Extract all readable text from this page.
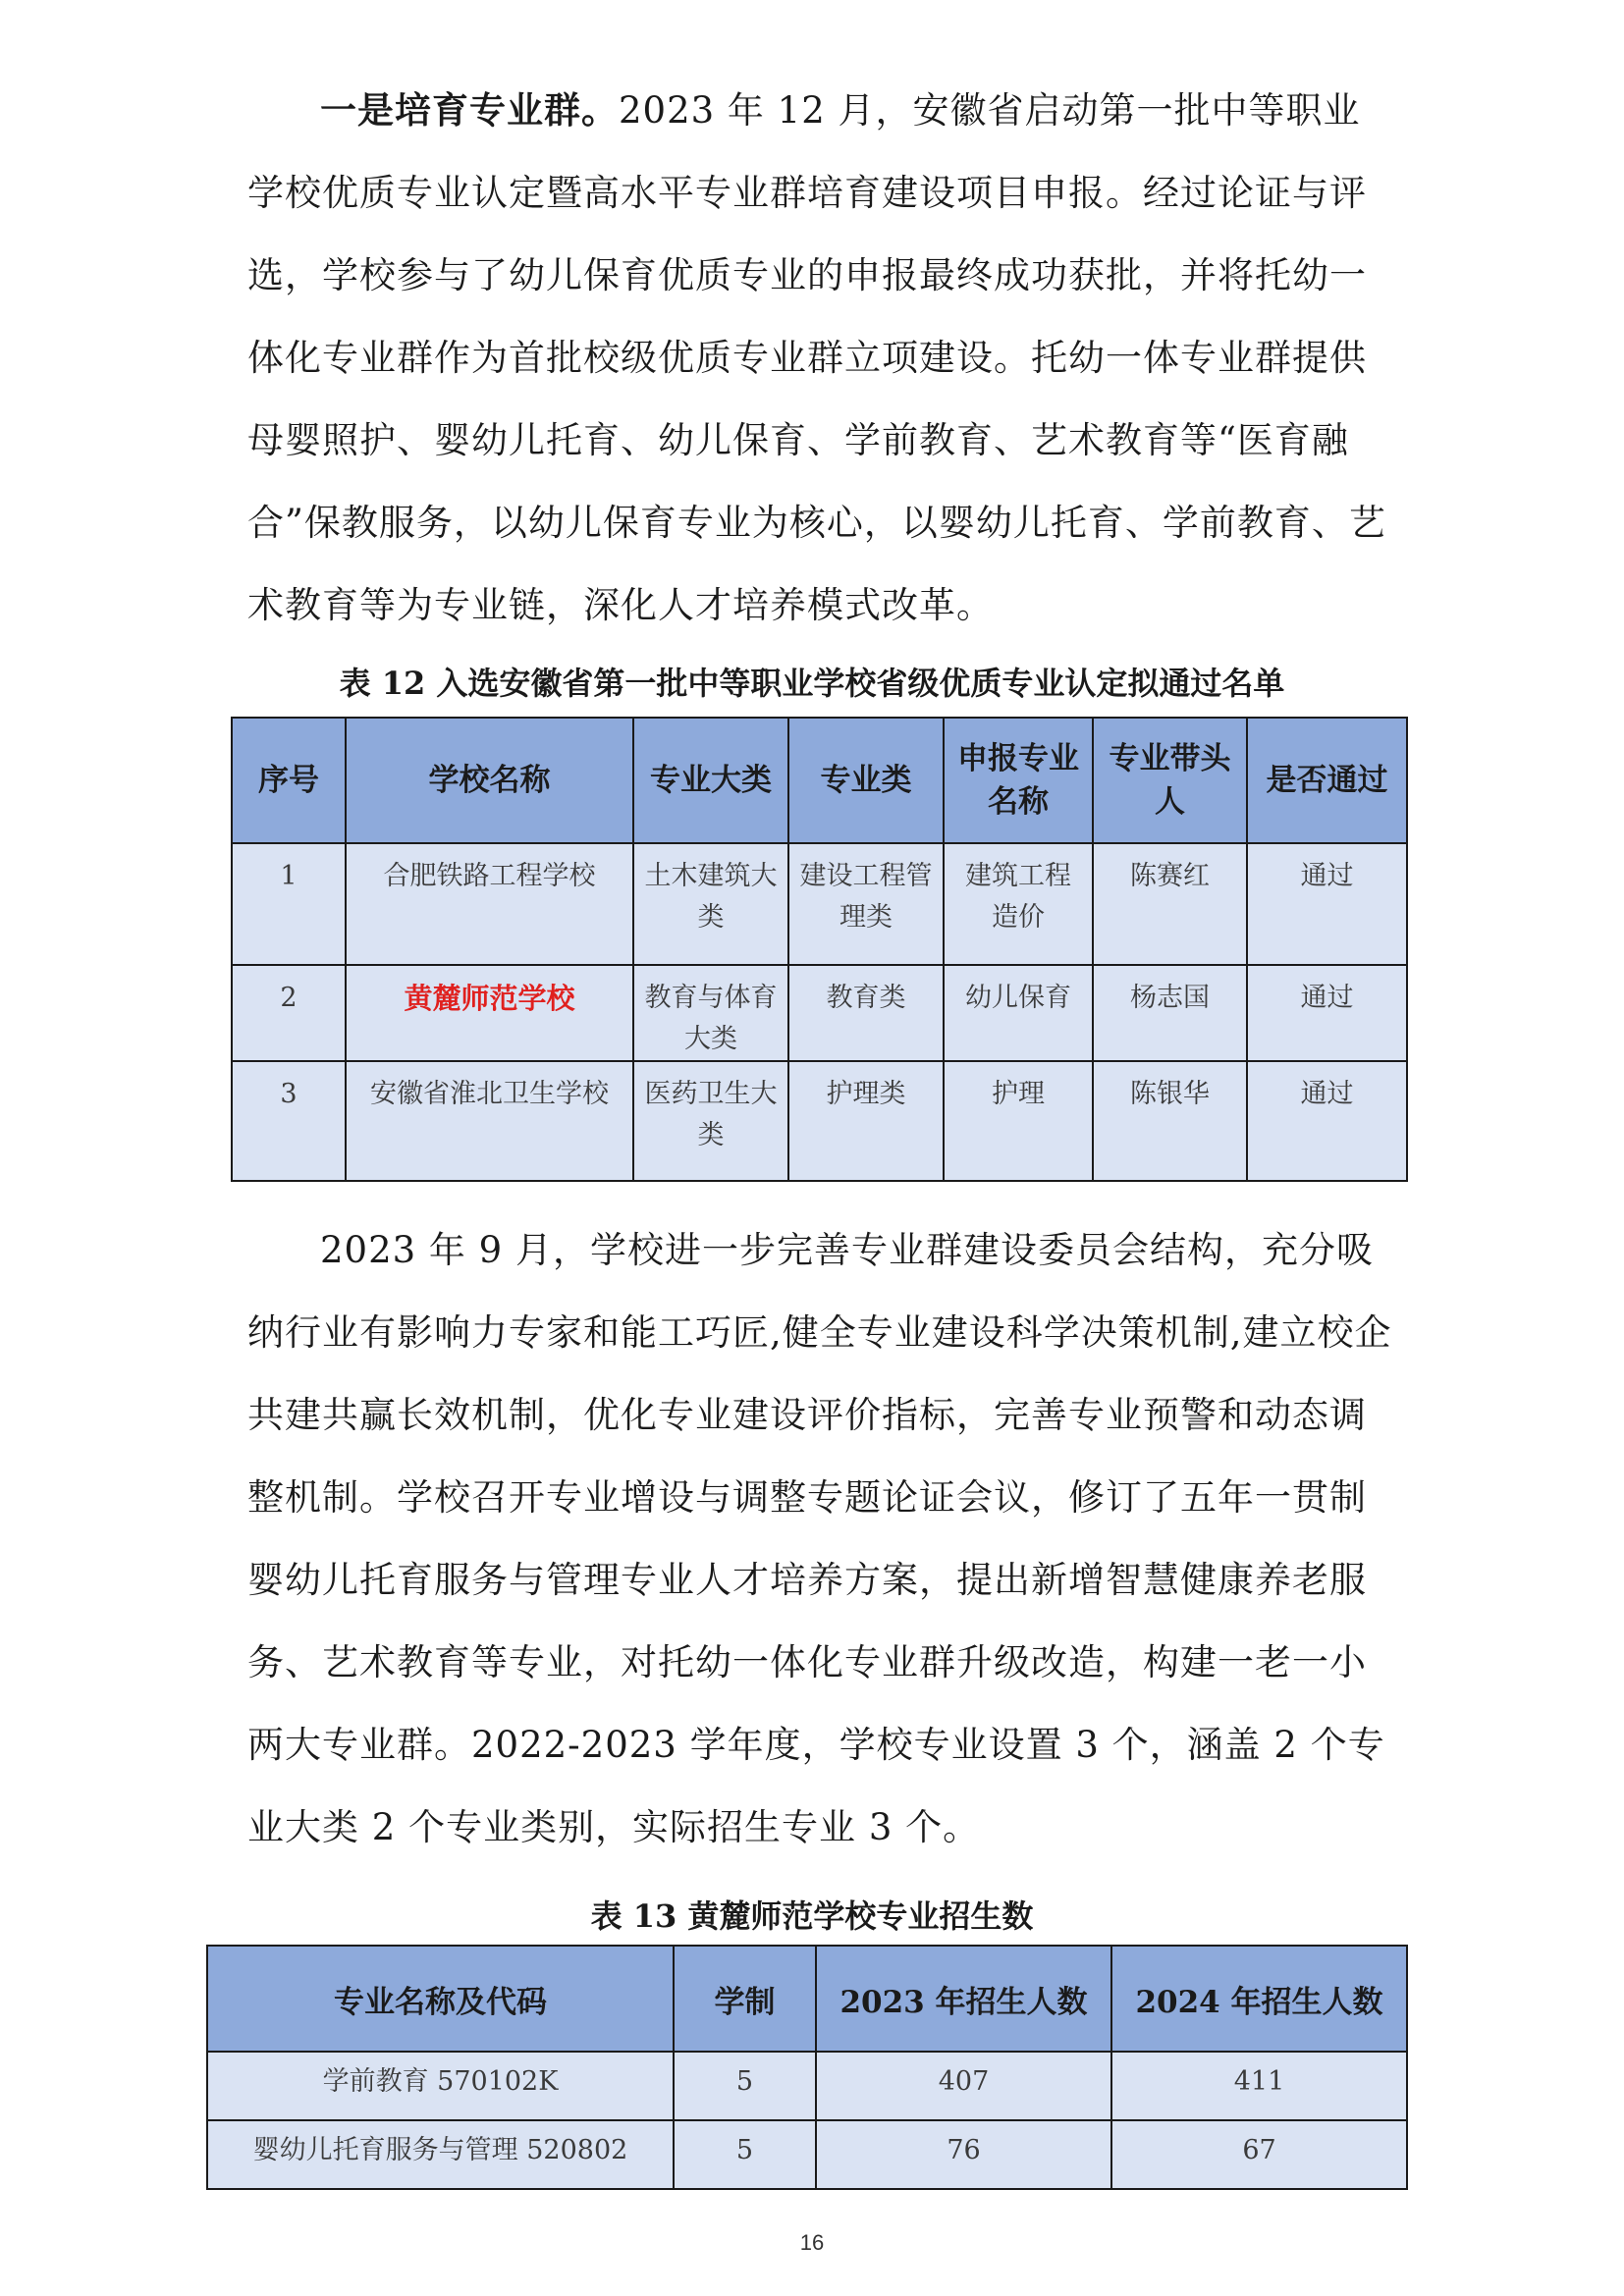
一是培育专业群。2023 年 12 月，安徽省启动第一批中等职业学校优质专业认定暨高水平专业群培育建设项目申报。经过论证与评选，学校参与了幼儿保育优质专业的申报最终成功获批，并将托幼一体化专业群作为首批校级优质专业群立项建设。托幼一体专业群提供母婴照护、婴幼儿托育、幼儿保育、学前教育、艺术教育等“医育融合”保教服务，以幼儿保育专业为核心，以婴幼儿托育、学前教育、艺术教育等为专业链，深化人才培养模式改革。

表 12 入选安徽省第一批中等职业学校省级优质专业认定拟通过名单
序号	学校名称	专业大类	专业类	申报专业名称	专业带头人	是否通过
1	合肥铁路工程学校	土木建筑大类	建设工程管理类	建筑工程造价	陈赛红	通过
2	黄麓师范学校	教育与体育大类	教育类	幼儿保育	杨志国	通过
3	安徽省淮北卫生学校	医药卫生大类	护理类	护理	陈银华	通过

2023 年 9 月，学校进一步完善专业群建设委员会结构，充分吸纳行业有影响力专家和能工巧匠,健全专业建设科学决策机制,建立校企共建共赢长效机制，优化专业建设评价指标，完善专业预警和动态调整机制。学校召开专业增设与调整专题论证会议，修订了五年一贯制婴幼儿托育服务与管理专业人才培养方案，提出新增智慧健康养老服务、艺术教育等专业，对托幼一体化专业群升级改造，构建一老一小两大专业群。2022-2023 学年度，学校专业设置 3 个，涵盖 2 个专业大类 2 个专业类别，实际招生专业 3 个。

表 13 黄麓师范学校专业招生数
专业名称及代码	学制	2023 年招生人数	2024 年招生人数
学前教育 570102K	5	407	411
婴幼儿托育服务与管理 520802	5	76	67
16
